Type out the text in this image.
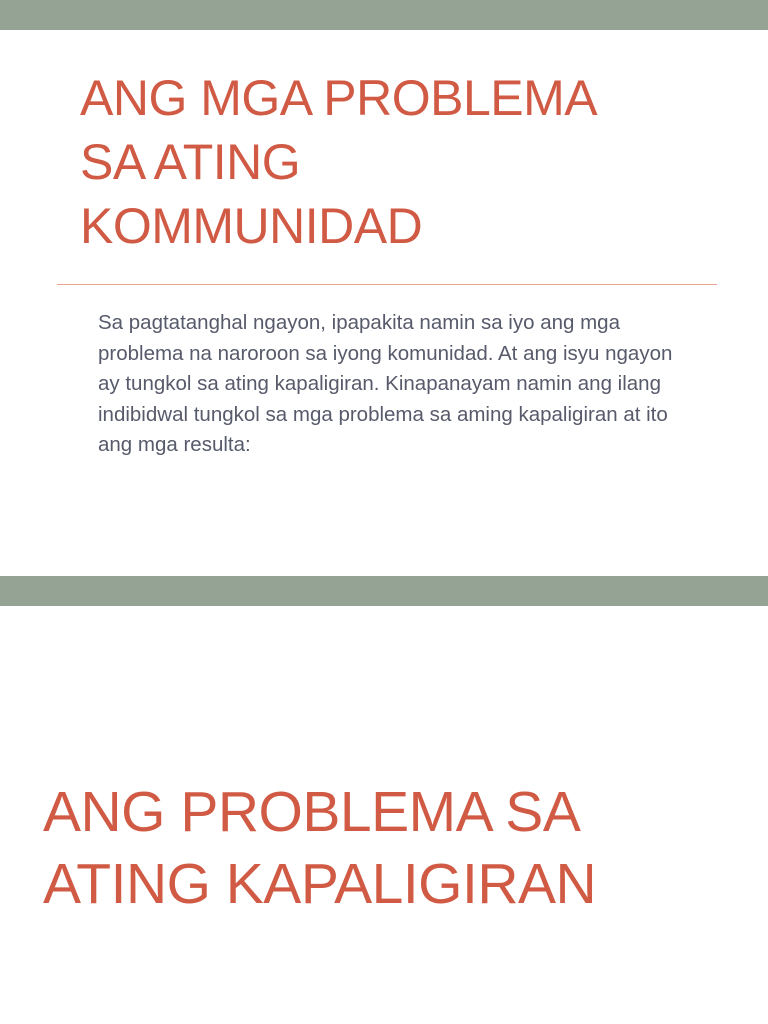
ANG MGA PROBLEMA
SA ATING
KOMMUNIDAD

Sa pagtatanghal ngayon, ipapakita namin sa iyo ang mga problema na naroroon sa iyong komunidad. At ang isyu ngayon ay tungkol sa ating kapaligiran. Kinapanayam namin ang ilang indibidwal tungkol sa mga problema sa aming kapaligiran at ito ang mga resulta:

ANG PROBLEMA SA
ATING KAPALIGIRAN
